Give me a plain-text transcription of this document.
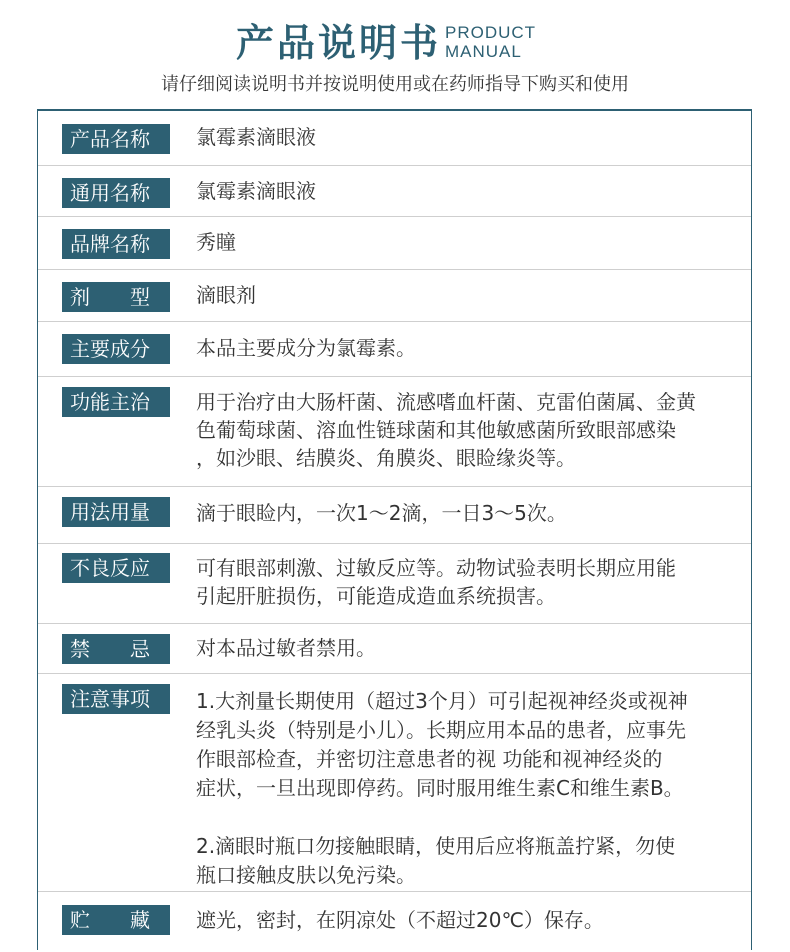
产品说明书 PRODUCT
MANUAL
请仔细阅读说明书并按说明使用或在药师指导下购买和使用
产品名称	氯霉素滴眼液
通用名称	氯霉素滴眼液
品牌名称	秀瞳
剂　　型	滴眼剂
主要成分	本品主要成分为氯霉素。
功能主治	用于治疗由大肠杆菌、流感嗜血杆菌、克雷伯菌属、金黄
色葡萄球菌、溶血性链球菌和其他敏感菌所致眼部感染
，如沙眼、结膜炎、角膜炎、眼睑缘炎等。
用法用量	滴于眼睑内，一次1～2滴，一日3～5次。
不良反应	可有眼部刺激、过敏反应等。动物试验表明长期应用能
引起肝脏损伤，可能造成造血系统损害。
禁　　忌	对本品过敏者禁用。
注意事项	1.大剂量长期使用（超过3个月）可引起视神经炎或视神
经乳头炎（特别是小儿）。长期应用本品的患者，应事先
作眼部检查，并密切注意患者的视 功能和视神经炎的
症状，一旦出现即停药。同时服用维生素C和维生素B。

2.滴眼时瓶口勿接触眼睛，使用后应将瓶盖拧紧，勿使
瓶口接触皮肤以免污染。
贮　　藏	遮光，密封，在阴凉处（不超过20℃）保存。
